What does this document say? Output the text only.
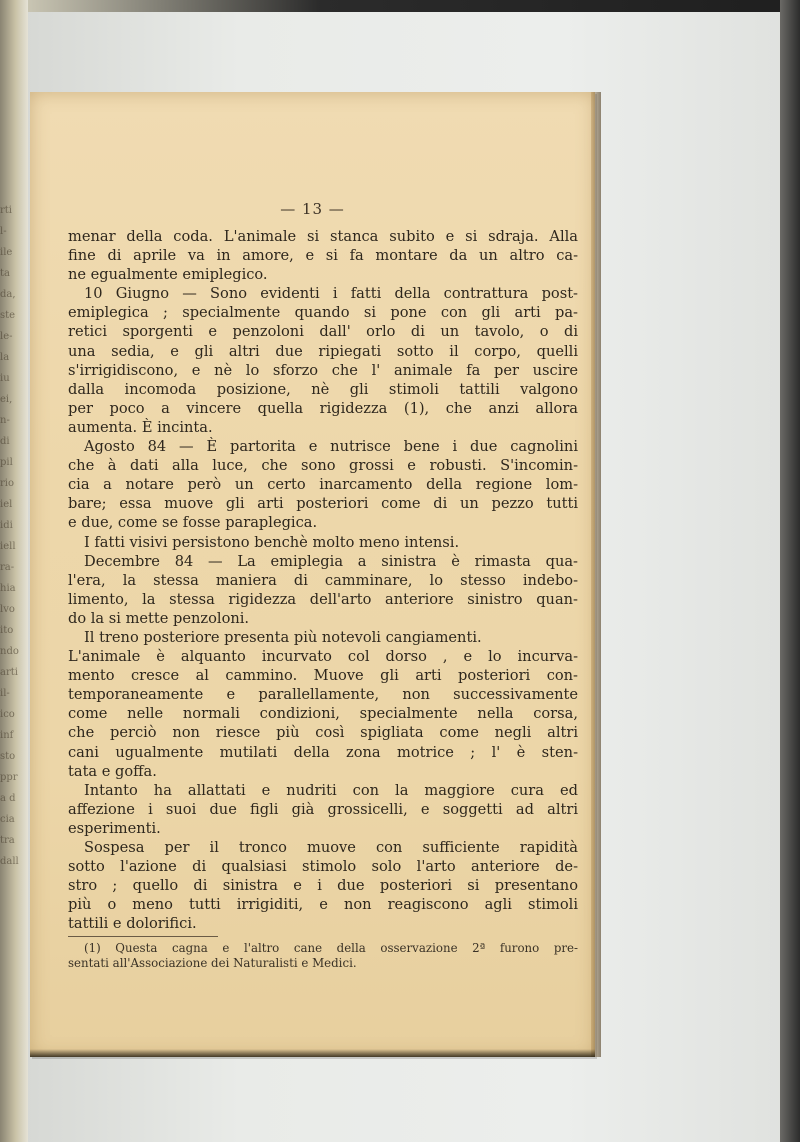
rti
l-
ile
ta
da,
ste
le-
la
iu
ei,
n-
di
pil
rio
iel
idi
iell
ra-
hia
lvo
ito
ndo
arti
il-
ico
inf
sto
ppr
a d
cia
tra
dall
— 13 —
menar della coda. L'animale si stanca subito e si sdraja. Alla
fine di aprile va in amore, e si fa montare da un altro ca-
ne egualmente emiplegico.
10 Giugno — Sono evidenti i fatti della contrattura post-
emiplegica ; specialmente quando si pone con gli arti pa-
retici sporgenti e penzoloni dall' orlo di un tavolo, o di
una sedia, e gli altri due ripiegati sotto il corpo, quelli
s'irrigidiscono, e nè lo sforzo che l' animale fa per uscire
dalla incomoda posizione, nè gli stimoli tattili valgono
per poco a vincere quella rigidezza (1), che anzi allora
aumenta. È incinta.
Agosto 84 — È partorita e nutrisce bene i due cagnolini
che à dati alla luce, che sono grossi e robusti. S'incomin-
cia a notare però un certo inarcamento della regione lom-
bare; essa muove gli arti posteriori come di un pezzo tutti
e due, come se fosse paraplegica.
I fatti visivi persistono benchè molto meno intensi.
Decembre 84 — La emiplegia a sinistra è rimasta qua-
l'era, la stessa maniera di camminare, lo stesso indebo-
limento, la stessa rigidezza dell'arto anteriore sinistro quan-
do la si mette penzoloni.
Il treno posteriore presenta più notevoli cangiamenti.
L'animale è alquanto incurvato col dorso , e lo incurva-
mento cresce al cammino. Muove gli arti posteriori con-
temporaneamente e parallellamente, non successivamente
come nelle normali condizioni, specialmente nella corsa,
che perciò non riesce più così spigliata come negli altri
cani ugualmente mutilati della zona motrice ; l' è sten-
tata e goffa.
Intanto ha allattati e nudriti con la maggiore cura ed
affezione i suoi due figli già grossicelli, e soggetti ad altri
esperimenti.
Sospesa per il tronco muove con sufficiente rapidità
sotto l'azione di qualsiasi stimolo solo l'arto anteriore de-
stro ; quello di sinistra e i due posteriori si presentano
più o meno tutti irrigiditi, e non reagiscono agli stimoli
tattili e dolorifici.
(1) Questa cagna e l'altro cane della osservazione 2ª furono pre-
sentati all'Associazione dei Naturalisti e Medici.
